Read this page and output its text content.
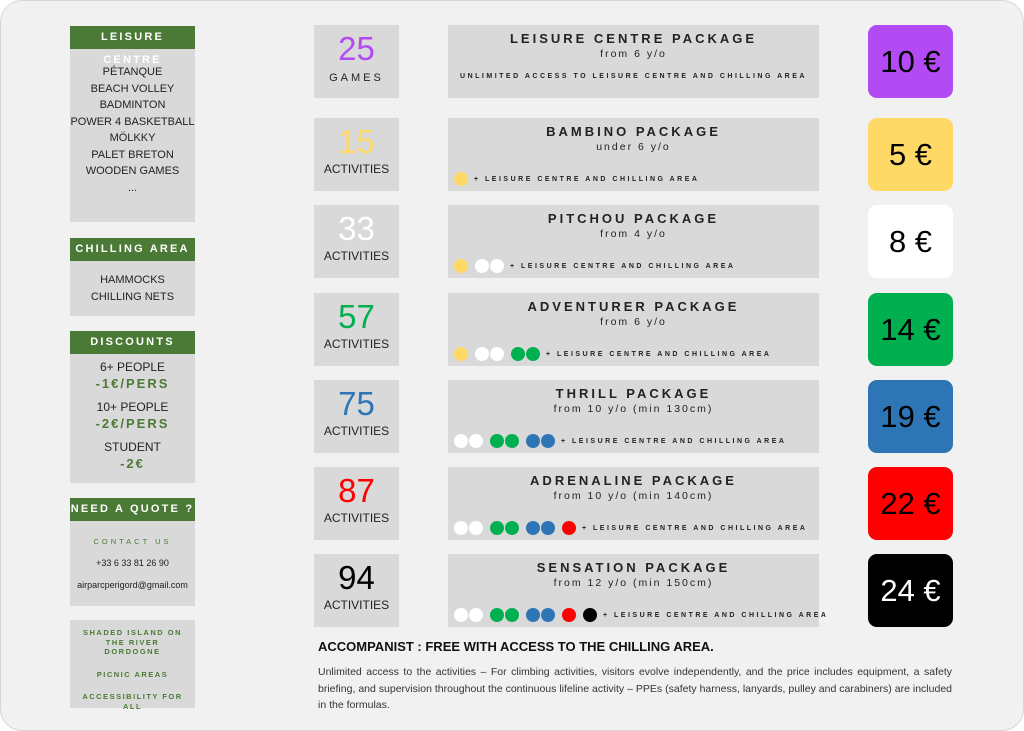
LEISURE CENTRE
PÉTANQUE
BEACH VOLLEY
BADMINTON
POWER 4 BASKETBALL
MÖLKKY
PALET BRETON
WOODEN GAMES
...
CHILLING AREA
HAMMOCKS
CHILLING NETS
DISCOUNTS
6+ PEOPLE
-1€/PERS
10+ PEOPLE
-2€/PERS
STUDENT
-2€
NEED A QUOTE ?
CONTACT US
+33 6 33 81 26 90
airparcperigord@gmail.com
SHADED ISLAND ON THE RIVER DORDOGNE
PICNIC AREAS
ACCESSIBILITY FOR ALL
25
GAMES
LEISURE CENTRE PACKAGE
from 6 y/o
UNLIMITED ACCESS TO LEISURE CENTRE AND CHILLING AREA	10 €
15
ACTIVITIES
BAMBINO PACKAGE
under 6 y/o
+ LEISURE CENTRE AND CHILLING AREA
5 €
33
ACTIVITIES
PITCHOU PACKAGE
from 4 y/o
+ LEISURE CENTRE AND CHILLING AREA
8 €
57
ACTIVITIES
ADVENTURER PACKAGE
from 6 y/o
+ LEISURE CENTRE AND CHILLING AREA
14 €
75
ACTIVITIES
THRILL PACKAGE
from 10 y/o (min 130cm)
+ LEISURE CENTRE AND CHILLING AREA
19 €
87
ACTIVITIES
ADRENALINE PACKAGE
from 10 y/o (min 140cm)
+ LEISURE CENTRE AND CHILLING AREA
22 €
94
ACTIVITIES
SENSATION PACKAGE
from 12 y/o (min 150cm)
+ LEISURE CENTRE AND CHILLING AREA
24 €
ACCOMPANIST : FREE WITH ACCESS TO THE CHILLING AREA.
Unlimited access to the activities – For climbing activities, visitors evolve independently, and the price includes equipment, a safety briefing, and supervision throughout the continuous lifeline activity – PPEs (safety harness, lanyards, pulley and carabiners) are included in the formulas.
